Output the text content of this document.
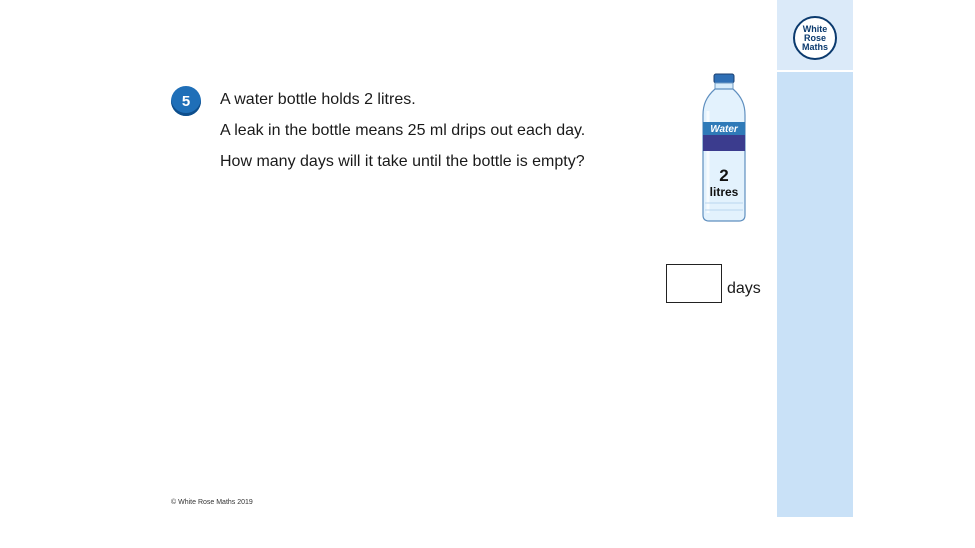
White
Rose
Maths
5	A water bottle holds 2 litres.
A leak in the bottle means 25 ml drips out each day.
How many days will it take until the bottle is empty?
Water
2
litres
days
© White Rose Maths 2019
